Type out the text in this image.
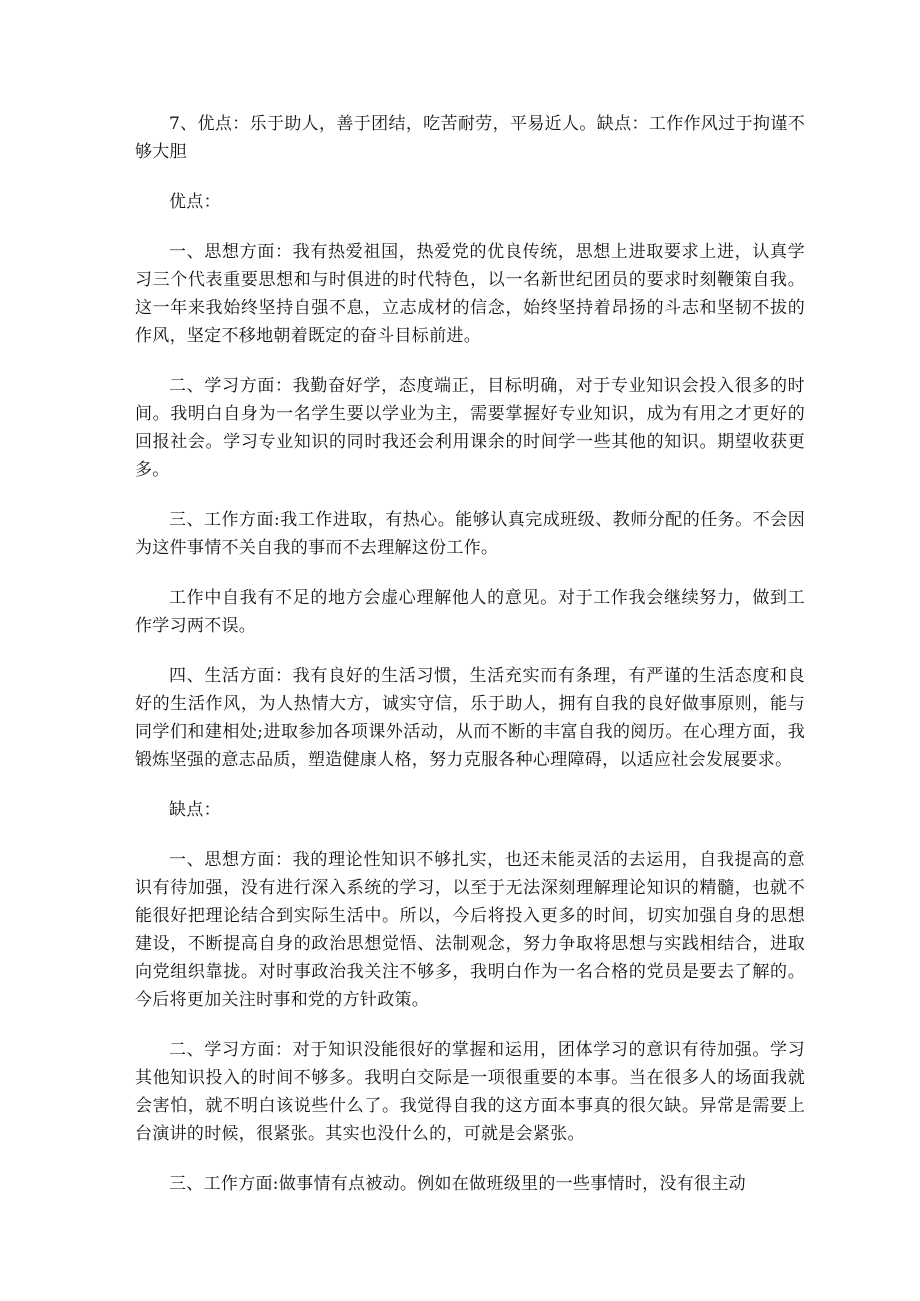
7、优点：乐于助人，善于团结，吃苦耐劳，平易近人。缺点：工作作风过于拘谨不够大胆

优点：

一、思想方面：我有热爱祖国，热爱党的优良传统，思想上进取要求上进，认真学习三个代表重要思想和与时俱进的时代特色，以一名新世纪团员的要求时刻鞭策自我。这一年来我始终坚持自强不息，立志成材的信念，始终坚持着昂扬的斗志和坚韧不拔的作风，坚定不移地朝着既定的奋斗目标前进。

二、学习方面：我勤奋好学，态度端正，目标明确，对于专业知识会投入很多的时间。我明白自身为一名学生要以学业为主，需要掌握好专业知识，成为有用之才更好的回报社会。学习专业知识的同时我还会利用课余的时间学一些其他的知识。期望收获更多。

三、工作方面:我工作进取，有热心。能够认真完成班级、教师分配的任务。不会因为这件事情不关自我的事而不去理解这份工作。

工作中自我有不足的地方会虚心理解他人的意见。对于工作我会继续努力，做到工作学习两不误。

四、生活方面：我有良好的生活习惯，生活充实而有条理，有严谨的生活态度和良好的生活作风，为人热情大方，诚实守信，乐于助人，拥有自我的良好做事原则，能与同学们和建相处;进取参加各项课外活动，从而不断的丰富自我的阅历。在心理方面，我锻炼坚强的意志品质，塑造健康人格，努力克服各种心理障碍，以适应社会发展要求。

缺点：

一、思想方面：我的理论性知识不够扎实，也还未能灵活的去运用，自我提高的意识有待加强，没有进行深入系统的学习，以至于无法深刻理解理论知识的精髓，也就不能很好把理论结合到实际生活中。所以，今后将投入更多的时间，切实加强自身的思想建设，不断提高自身的政治思想觉悟、法制观念，努力争取将思想与实践相结合，进取向党组织靠拢。对时事政治我关注不够多，我明白作为一名合格的党员是要去了解的。今后将更加关注时事和党的方针政策。

二、学习方面：对于知识没能很好的掌握和运用，团体学习的意识有待加强。学习其他知识投入的时间不够多。我明白交际是一项很重要的本事。当在很多人的场面我就会害怕，就不明白该说些什么了。我觉得自我的这方面本事真的很欠缺。异常是需要上台演讲的时候，很紧张。其实也没什么的，可就是会紧张。

三、工作方面:做事情有点被动。例如在做班级里的一些事情时，没有很主动
